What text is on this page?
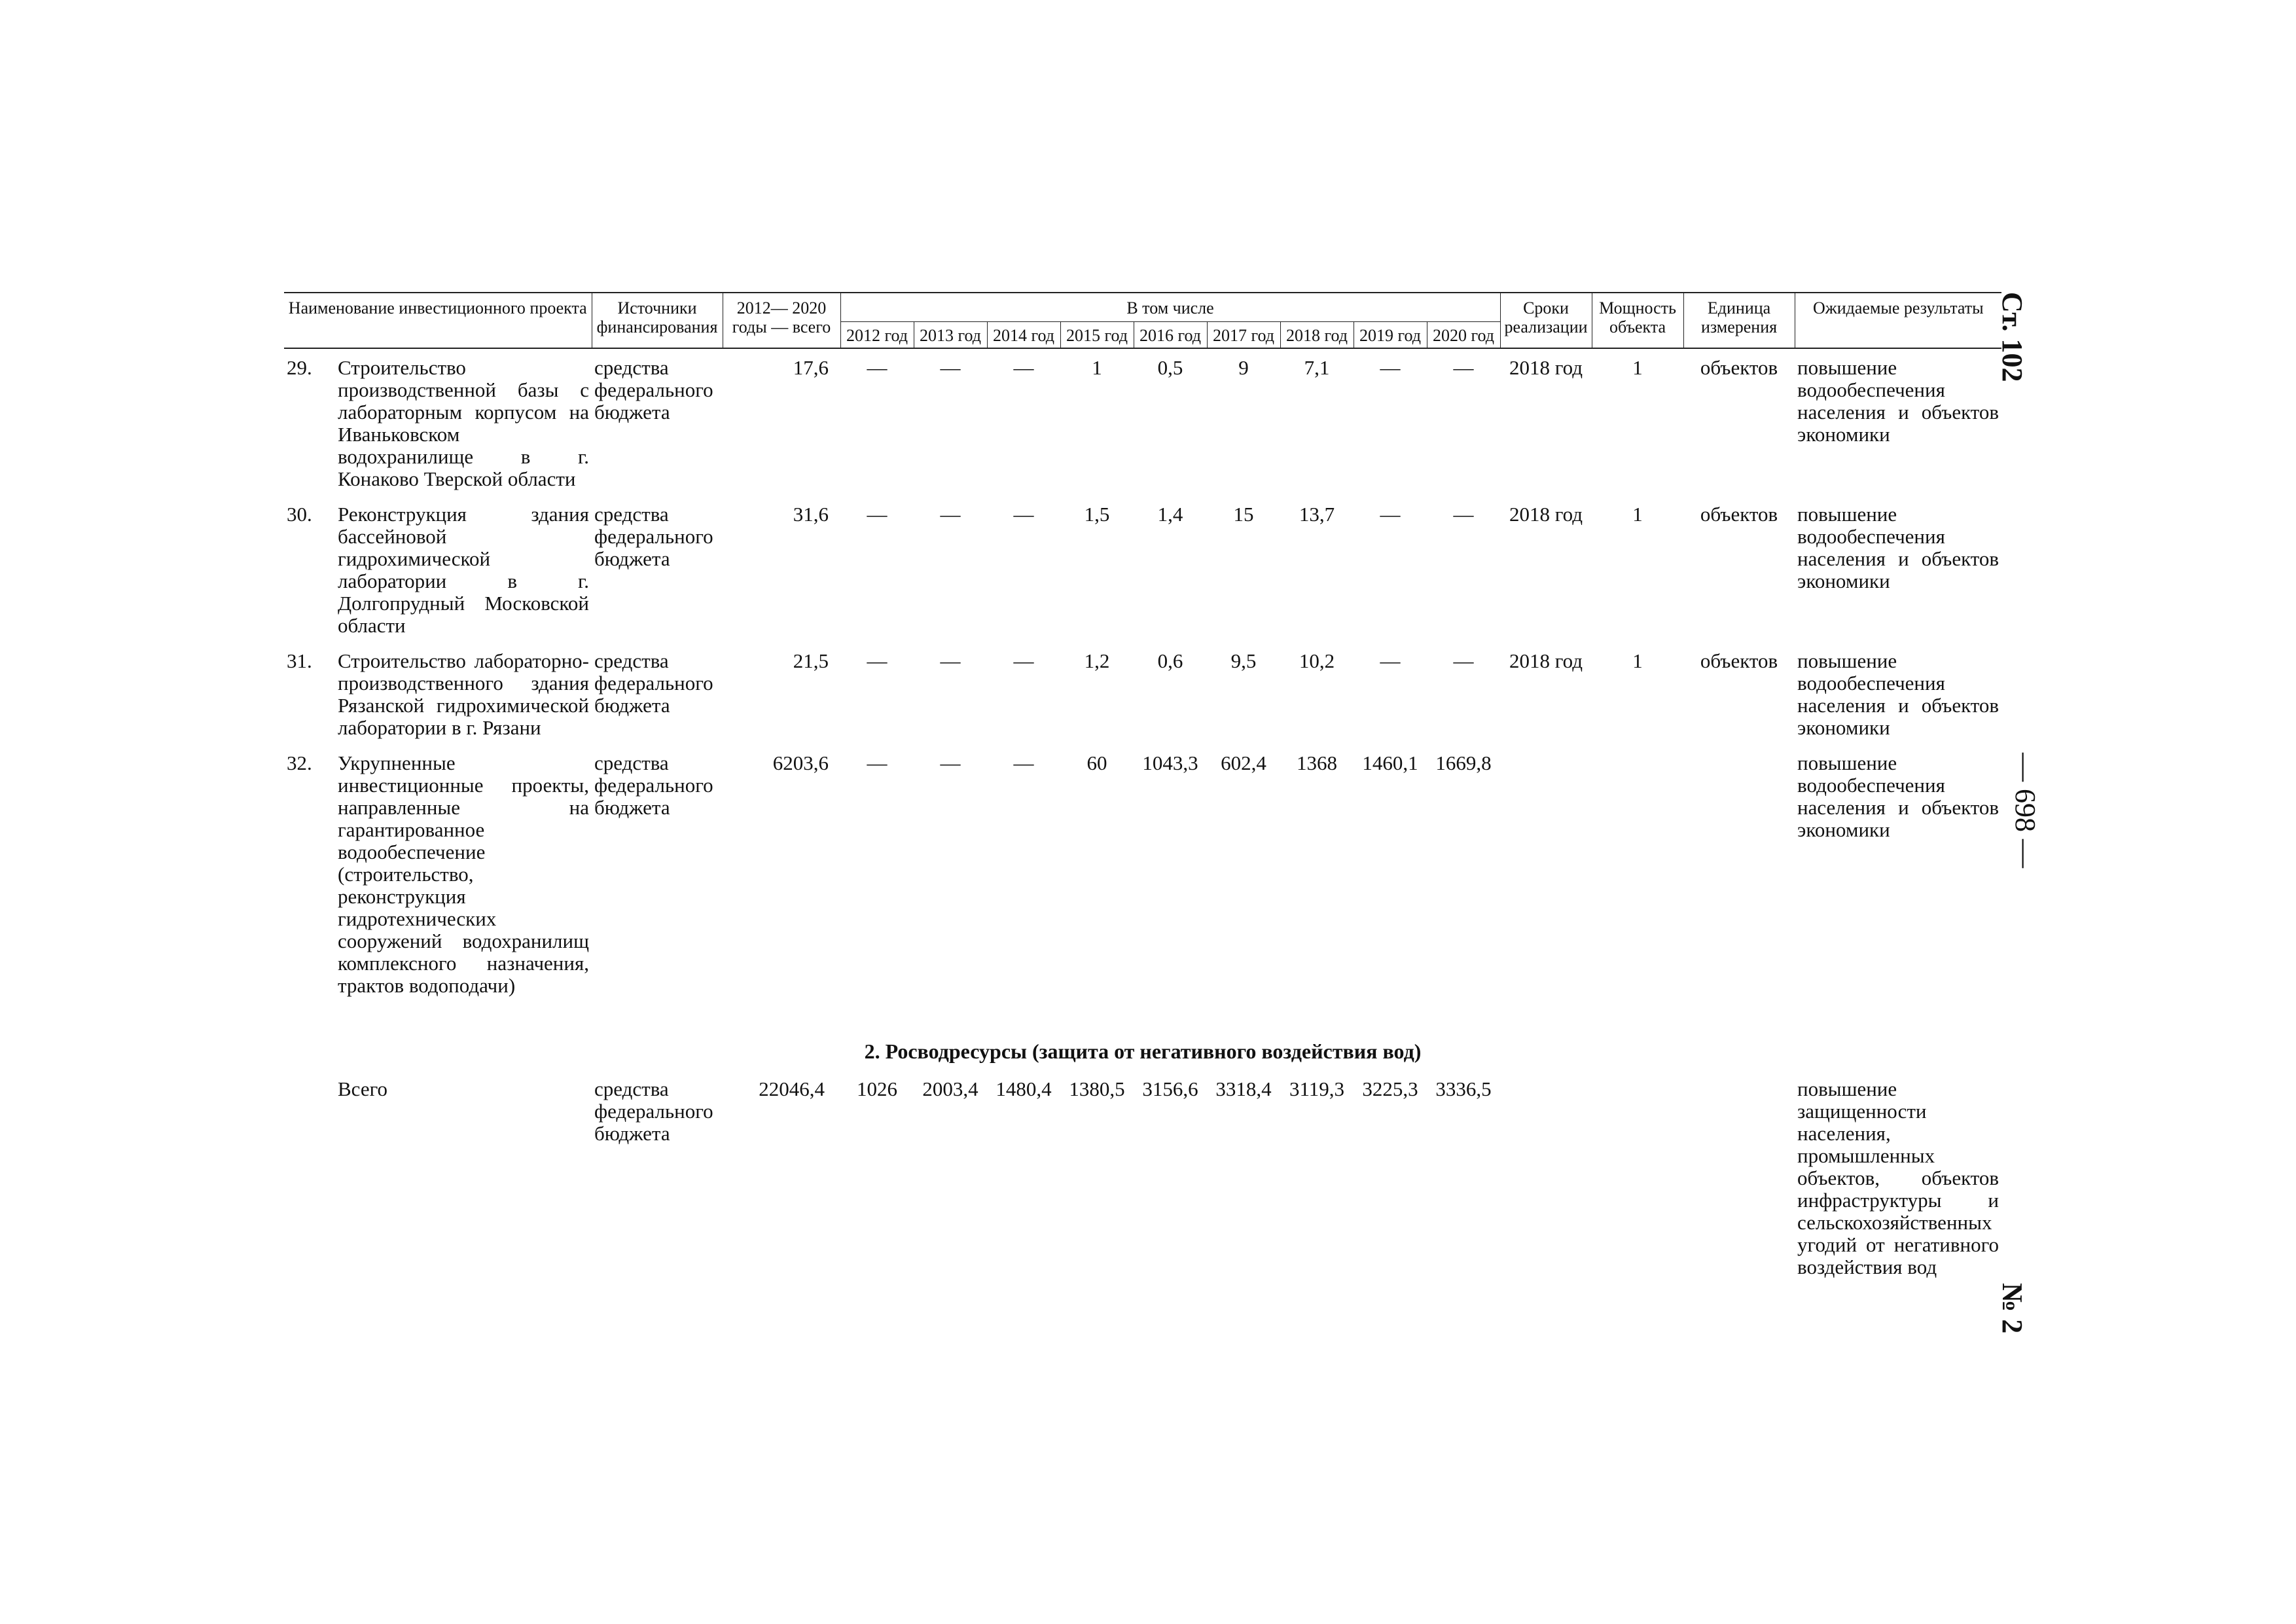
Ст. 102
— 698 —
№ 2
Наименование инвестиционного проекта	Источники финансирования	2012— 2020 годы — всего	В том числе									Сроки реализации	Мощность объекта	Единица измерения	Ожидаемые результаты
			2012 год	2013 год	2014 год	2015 год	2016 год	2017 год	2018 год	2019 год	2020 год				

29. Строительство производственной базы с лабораторным корпусом на Иваньковском водохранилище в г. Конаково Тверской области	средства федерального бюджета	17,6	—	—	—	1	0,5	9	7,1	—	—	2018 год	1	объектов	повышение водообеспечения населения и объектов экономики

30. Реконструкция здания бассейновой гидрохимической лаборатории в г. Долгопрудный Московской области	средства федерального бюджета	31,6	—	—	—	1,5	1,4	15	13,7	—	—	2018 год	1	объектов	повышение водообеспечения населения и объектов экономики

31. Строительство лабораторно-производственного здания Рязанской гидрохимической лаборатории в г. Рязани	средства федерального бюджета	21,5	—	—	—	1,2	0,6	9,5	10,2	—	—	2018 год	1	объектов	повышение водообеспечения населения и объектов экономики

32. Укрупненные инвестиционные проекты, направленные на гарантированное водообеспечение (строительство, реконструкция гидротехнических сооружений водохранилищ комплексного назначения, трактов водоподачи)	средства федерального бюджета	6203,6	—	—	—	60	1043,3	602,4	1368	1460,1	1669,8				повышение водообеспечения населения и объектов экономики
2. Росводресурсы (защита от негативного воздействия вод)															

Всего	средства федерального бюджета	22046,4	1026	2003,4	1480,4	1380,5	3156,6	3318,4	3119,3	3225,3	3336,5				повышение защищенности населения, промышленных объектов, объектов инфраструктуры и сельскохозяйственных угодий от негативного воздействия вод
